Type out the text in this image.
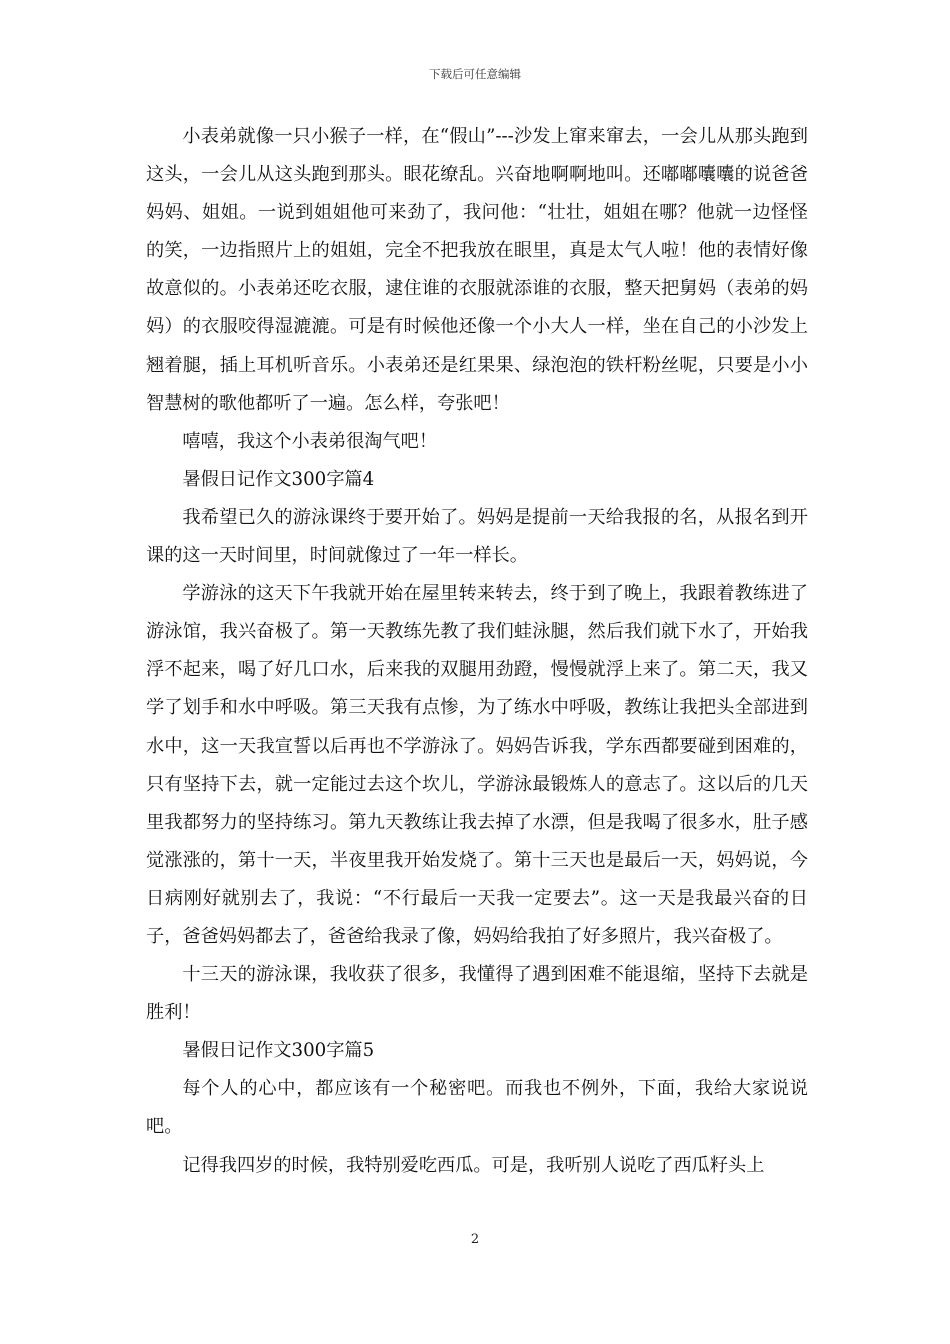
下载后可任意编辑

小表弟就像一只小猴子一样，在“假山”---沙发上窜来窜去，一会儿从那头跑到这头，一会儿从这头跑到那头。眼花缭乱。兴奋地啊啊地叫。还嘟嘟囔囔的说爸爸妈妈、姐姐。一说到姐姐他可来劲了，我问他：“壮壮，姐姐在哪？他就一边怪怪的笑，一边指照片上的姐姐，完全不把我放在眼里，真是太气人啦！他的表情好像故意似的。小表弟还吃衣服，逮住谁的衣服就添谁的衣服，整天把舅妈（表弟的妈妈）的衣服咬得湿漉漉。可是有时候他还像一个小大人一样，坐在自己的小沙发上翘着腿，插上耳机听音乐。小表弟还是红果果、绿泡泡的铁杆粉丝呢，只要是小小智慧树的歌他都听了一遍。怎么样，夸张吧！

嘻嘻，我这个小表弟很淘气吧！

暑假日记作文300字篇4

我希望已久的游泳课终于要开始了。妈妈是提前一天给我报的名，从报名到开课的这一天时间里，时间就像过了一年一样长。

学游泳的这天下午我就开始在屋里转来转去，终于到了晚上，我跟着教练进了游泳馆，我兴奋极了。第一天教练先教了我们蛙泳腿，然后我们就下水了，开始我浮不起来，喝了好几口水，后来我的双腿用劲蹬，慢慢就浮上来了。第二天，我又学了划手和水中呼吸。第三天我有点惨，为了练水中呼吸，教练让我把头全部进到水中，这一天我宣誓以后再也不学游泳了。妈妈告诉我，学东西都要碰到困难的，只有坚持下去，就一定能过去这个坎儿，学游泳最锻炼人的意志了。这以后的几天里我都努力的坚持练习。第九天教练让我去掉了水漂，但是我喝了很多水，肚子感觉涨涨的，第十一天，半夜里我开始发烧了。第十三天也是最后一天，妈妈说，今日病刚好就别去了，我说：“不行最后一天我一定要去”。这一天是我最兴奋的日子，爸爸妈妈都去了，爸爸给我录了像，妈妈给我拍了好多照片，我兴奋极了。

十三天的游泳课，我收获了很多，我懂得了遇到困难不能退缩，坚持下去就是胜利！

暑假日记作文300字篇5

每个人的心中，都应该有一个秘密吧。而我也不例外，下面，我给大家说说吧。

记得我四岁的时候，我特别爱吃西瓜。可是，我听别人说吃了西瓜籽头上

2
